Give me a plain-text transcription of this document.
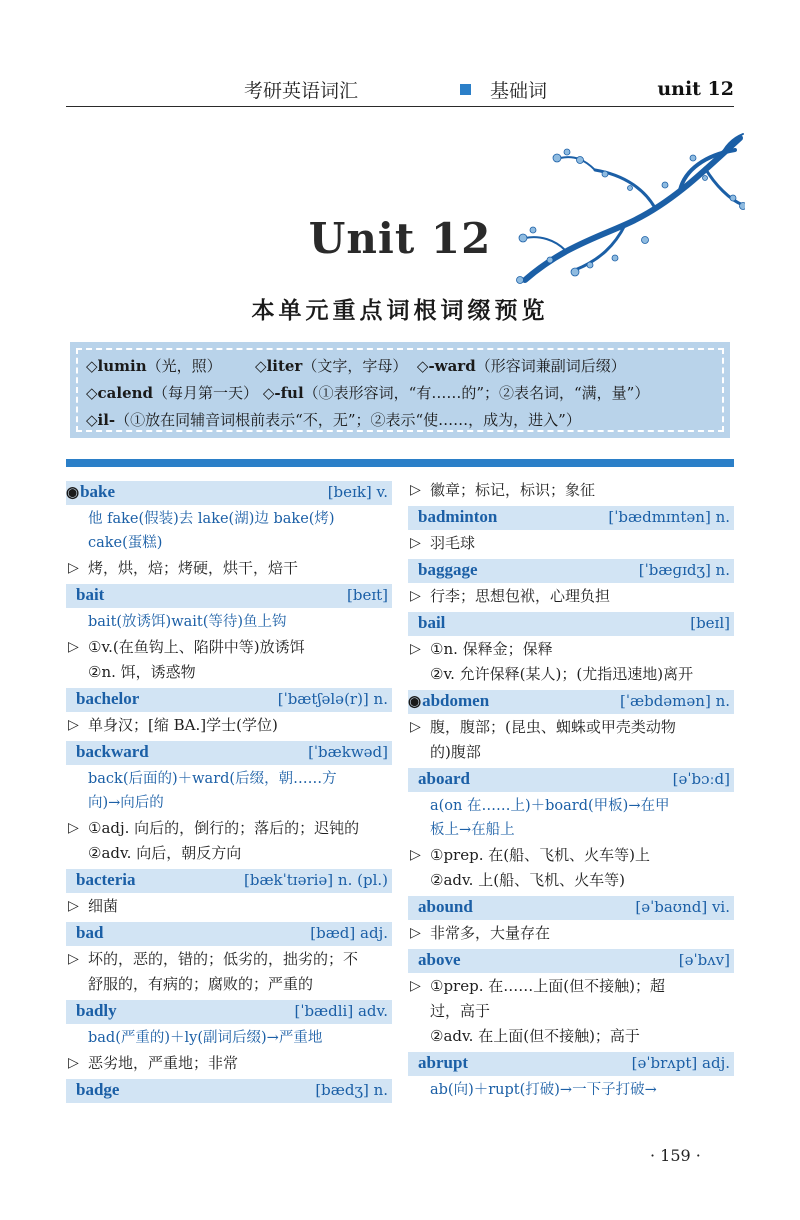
考研英语词汇	基础词	unit 12
Unit 12
本单元重点词根词缀预览
◇lumin（光，照） ◇liter（文字，字母） ◇-ward（形容词兼副词后缀）
◇calend（每月第一天） ◇-ful（①表形容词，“有……的”；②表名词，“满，量”）
◇il-（①放在同辅音词根前表示“不，无”；②表示“使……，成为，进入”）
◉bake	[beɪk] v.
他 fake(假装)去 lake(湖)边 bake(烤)
cake(蛋糕)
▷ 烤，烘，焙；烤硬，烘干，焙干
bait	[beɪt]
bait(放诱饵)wait(等待)鱼上钩
▷ ①v.(在鱼钩上、陷阱中等)放诱饵
②n. 饵，诱惑物
bachelor	[ˈbætʃələ(r)] n.
▷ 单身汉；[缩 BA.]学士(学位)
backward	[ˈbækwəd]
back(后面的)＋ward(后缀，朝……方
向)→向后的
▷ ①adj. 向后的，倒行的；落后的；迟钝的
②adv. 向后，朝反方向
bacteria	[bækˈtɪəriə] n. (pl.)
▷ 细菌
bad	[bæd] adj.
▷ 坏的，恶的，错的；低劣的，拙劣的；不
舒服的，有病的；腐败的；严重的
badly	[ˈbædli] adv.
bad(严重的)＋ly(副词后缀)→严重地
▷ 恶劣地，严重地；非常
badge	[bædʒ] n.
▷ 徽章；标记，标识；象征
badminton	[ˈbædmɪntən] n.
▷ 羽毛球
baggage	[ˈbæɡɪdʒ] n.
▷ 行李；思想包袱，心理负担
bail	[beɪl]
▷ ①n. 保释金；保释
②v. 允许保释(某人)；(尤指迅速地)离开
◉abdomen	[ˈæbdəmən] n.
▷ 腹，腹部；(昆虫、蜘蛛或甲壳类动物
的)腹部
aboard	[əˈbɔːd]
a(on 在……上)＋board(甲板)→在甲
板上→在船上
▷ ①prep. 在(船、飞机、火车等)上
②adv. 上(船、飞机、火车等)
abound	[əˈbaʊnd] vi.
▷ 非常多，大量存在
above	[əˈbʌv]
▷ ①prep. 在……上面(但不接触)；超
过，高于
②adv. 在上面(但不接触)；高于
abrupt	[əˈbrʌpt] adj.
ab(向)＋rupt(打破)→一下子打破→
· 159 ·
